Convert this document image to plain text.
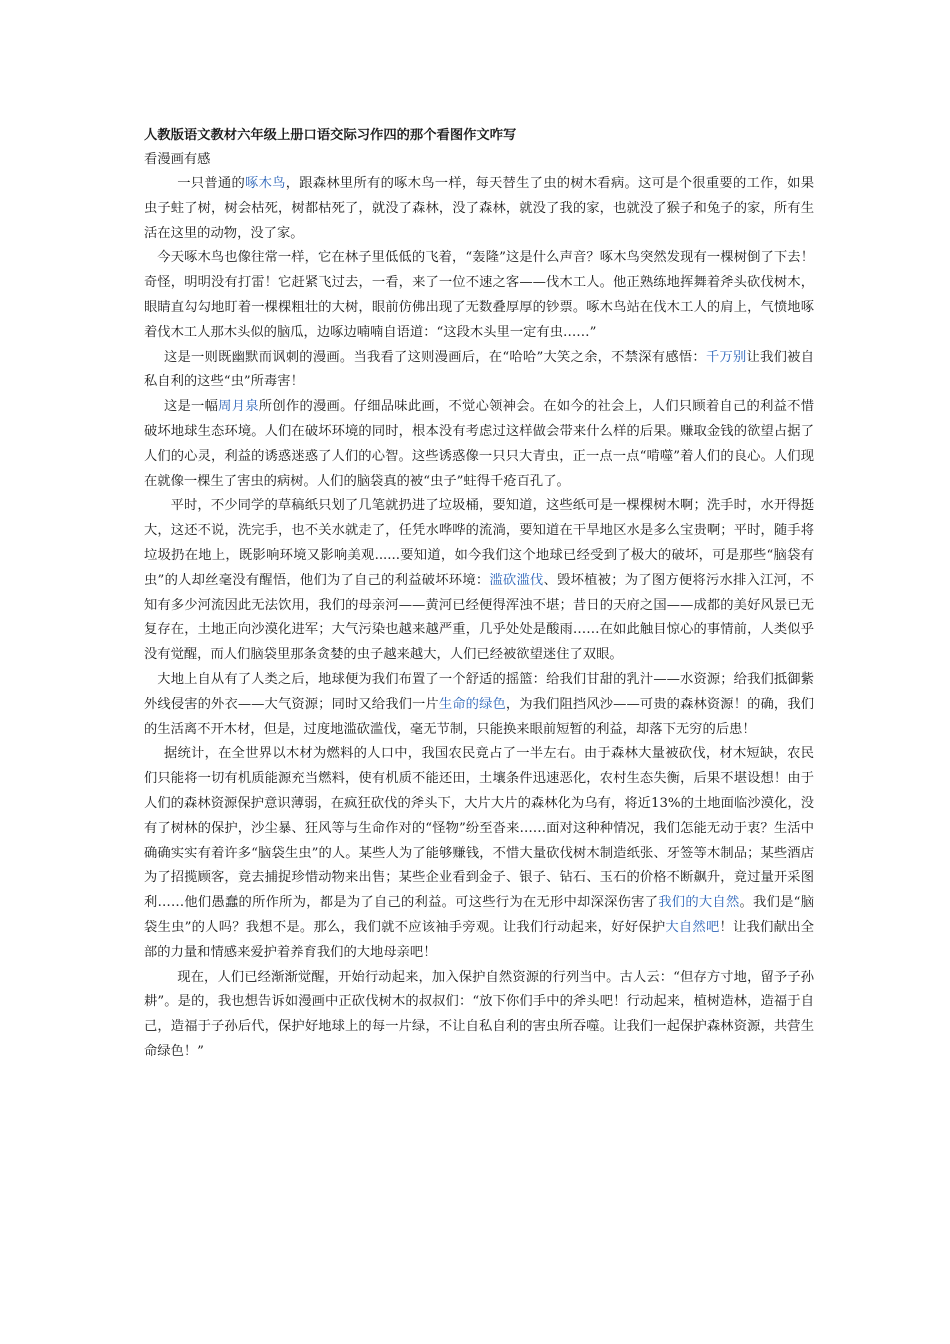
人教版语文教材六年级上册口语交际习作四的那个看图作文咋写

看漫画有感

一只普通的啄木鸟，跟森林里所有的啄木鸟一样，每天替生了虫的树木看病。这可是个很重要的工作，如果虫子蛀了树，树会枯死，树都枯死了，就没了森林，没了森林，就没了我的家，也就没了猴子和兔子的家，所有生活在这里的动物，没了家。

今天啄木鸟也像往常一样，它在林子里低低的飞着，“轰隆”这是什么声音？啄木鸟突然发现有一棵树倒了下去！奇怪，明明没有打雷！它赶紧飞过去，一看，来了一位不速之客——伐木工人。他正熟练地挥舞着斧头砍伐树木，眼睛直勾勾地盯着一棵棵粗壮的大树，眼前仿佛出现了无数叠厚厚的钞票。啄木鸟站在伐木工人的肩上，气愤地啄着伐木工人那木头似的脑瓜，边啄边喃喃自语道：“这段木头里一定有虫……”

这是一则既幽默而讽刺的漫画。当我看了这则漫画后，在“哈哈”大笑之余，不禁深有感悟：千万别让我们被自私自利的这些“虫”所毒害！

这是一幅周月泉所创作的漫画。仔细品味此画，不觉心领神会。在如今的社会上，人们只顾着自己的利益不惜破坏地球生态环境。人们在破坏环境的同时，根本没有考虑过这样做会带来什么样的后果。赚取金钱的欲望占据了人们的心灵，利益的诱惑迷惑了人们的心智。这些诱惑像一只只大青虫，正一点一点“啃噬”着人们的良心。人们现在就像一棵生了害虫的病树。人们的脑袋真的被“虫子”蛀得千疮百孔了。

平时，不少同学的草稿纸只划了几笔就扔进了垃圾桶，要知道，这些纸可是一棵棵树木啊；洗手时，水开得挺大，这还不说，洗完手，也不关水就走了，任凭水哗哗的流淌，要知道在干旱地区水是多么宝贵啊；平时，随手将垃圾扔在地上，既影响环境又影响美观......要知道，如今我们这个地球已经受到了极大的破坏，可是那些“脑袋有虫”的人却丝毫没有醒悟，他们为了自己的利益破坏环境：滥砍滥伐、毁坏植被；为了图方便将污水排入江河，不知有多少河流因此无法饮用，我们的母亲河——黄河已经便得浑浊不堪；昔日的天府之国——成都的美好风景已无复存在，土地正向沙漠化进军；大气污染也越来越严重，几乎处处是酸雨……在如此触目惊心的事情前，人类似乎没有觉醒，而人们脑袋里那条贪婪的虫子越来越大，人们已经被欲望迷住了双眼。

大地上自从有了人类之后，地球便为我们布置了一个舒适的摇篮：给我们甘甜的乳汁——水资源；给我们抵御紫外线侵害的外衣——大气资源；同时又给我们一片生命的绿色，为我们阻挡风沙——可贵的森林资源！的确，我们的生活离不开木材，但是，过度地滥砍滥伐，毫无节制，只能换来眼前短暂的利益，却落下无穷的后患！

据统计，在全世界以木材为燃料的人口中，我国农民竟占了一半左右。由于森林大量被砍伐，材木短缺，农民们只能将一切有机质能源充当燃料，使有机质不能还田，土壤条件迅速恶化，农村生态失衡，后果不堪设想！由于人们的森林资源保护意识薄弱，在疯狂砍伐的斧头下，大片大片的森林化为乌有，将近13%的土地面临沙漠化，没有了树林的保护，沙尘暴、狂风等与生命作对的“怪物”纷至沓来……面对这种种情况，我们怎能无动于衷？生活中确确实实有着许多“脑袋生虫”的人。某些人为了能够赚钱，不惜大量砍伐树木制造纸张、牙签等木制品；某些酒店为了招揽顾客，竟去捕捉珍惜动物来出售；某些企业看到金子、银子、钻石、玉石的价格不断飙升，竟过量开采图利……他们愚蠢的所作所为，都是为了自己的利益。可这些行为在无形中却深深伤害了我们的大自然。我们是“脑袋生虫”的人吗？我想不是。那么，我们就不应该袖手旁观。让我们行动起来，好好保护大自然吧！让我们献出全部的力量和情感来爱护着养育我们的大地母亲吧！

现在，人们已经渐渐觉醒，开始行动起来，加入保护自然资源的行列当中。古人云：“但存方寸地，留予子孙耕”。是的，我也想告诉如漫画中正砍伐树木的叔叔们：“放下你们手中的斧头吧！行动起来，植树造林，造福于自己，造福于子孙后代，保护好地球上的每一片绿，不让自私自利的害虫所吞噬。让我们一起保护森林资源，共营生命绿色！”
